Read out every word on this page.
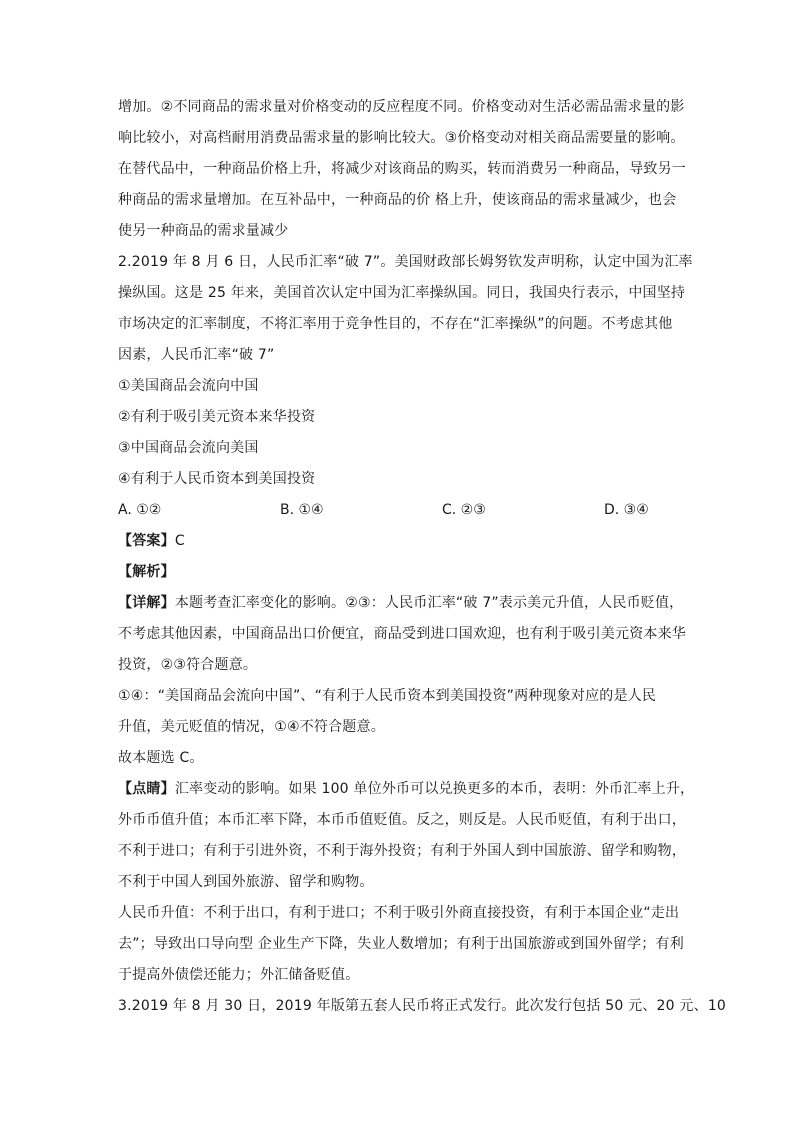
增加。②不同商品的需求量对价格变动的反应程度不同。价格变动对生活必需品需求量的影
响比较小，对高档耐用消费品需求量的影响比较大。③价格变动对相关商品需要量的影响。
在替代品中，一种商品价格上升，将减少对该商品的购买，转而消费另一种商品，导致另一
种商品的需求量增加。在互补品中，一种商品的价 格上升，使该商品的需求量减少，也会
使另一种商品的需求量减少
2.2019 年 8 月 6 日，人民币汇率“破 7”。美国财政部长姆努钦发声明称，认定中国为汇率
操纵国。这是 25 年来，美国首次认定中国为汇率操纵国。同日，我国央行表示，中国坚持
市场决定的汇率制度，不将汇率用于竞争性目的，不存在“汇率操纵”的问题。不考虑其他
因素，人民币汇率“破 7”
①美国商品会流向中国
②有利于吸引美元资本来华投资
③中国商品会流向美国
④有利于人民币资本到美国投资
A. ①②	B. ①④	C. ②③	D. ③④
【答案】C
【解析】
【详解】本题考查汇率变化的影响。②③：人民币汇率“破 7”表示美元升值，人民币贬值，
不考虑其他因素，中国商品出口价便宜，商品受到进口国欢迎，也有利于吸引美元资本来华
投资，②③符合题意。
①④：“美国商品会流向中国”、“有利于人民币资本到美国投资”两种现象对应的是人民
升值，美元贬值的情况，①④不符合题意。
故本题选 C。
【点睛】汇率变动的影响。如果 100 单位外币可以兑换更多的本币，表明：外币汇率上升，
外币币值升值；本币汇率下降，本币币值贬值。反之，则反是。人民币贬值，有利于出口，
不利于进口；有利于引进外资，不利于海外投资；有利于外国人到中国旅游、留学和购物，
不利于中国人到国外旅游、留学和购物。
人民币升值：不利于出口，有利于进口；不利于吸引外商直接投资，有利于本国企业“走出
去”；导致出口导向型 企业生产下降，失业人数增加；有利于出国旅游或到国外留学；有利
于提高外债偿还能力；外汇储备贬值。
3.2019 年 8 月 30 日，2019 年版第五套人民币将正式发行。此次发行包括 50 元、20 元、10
